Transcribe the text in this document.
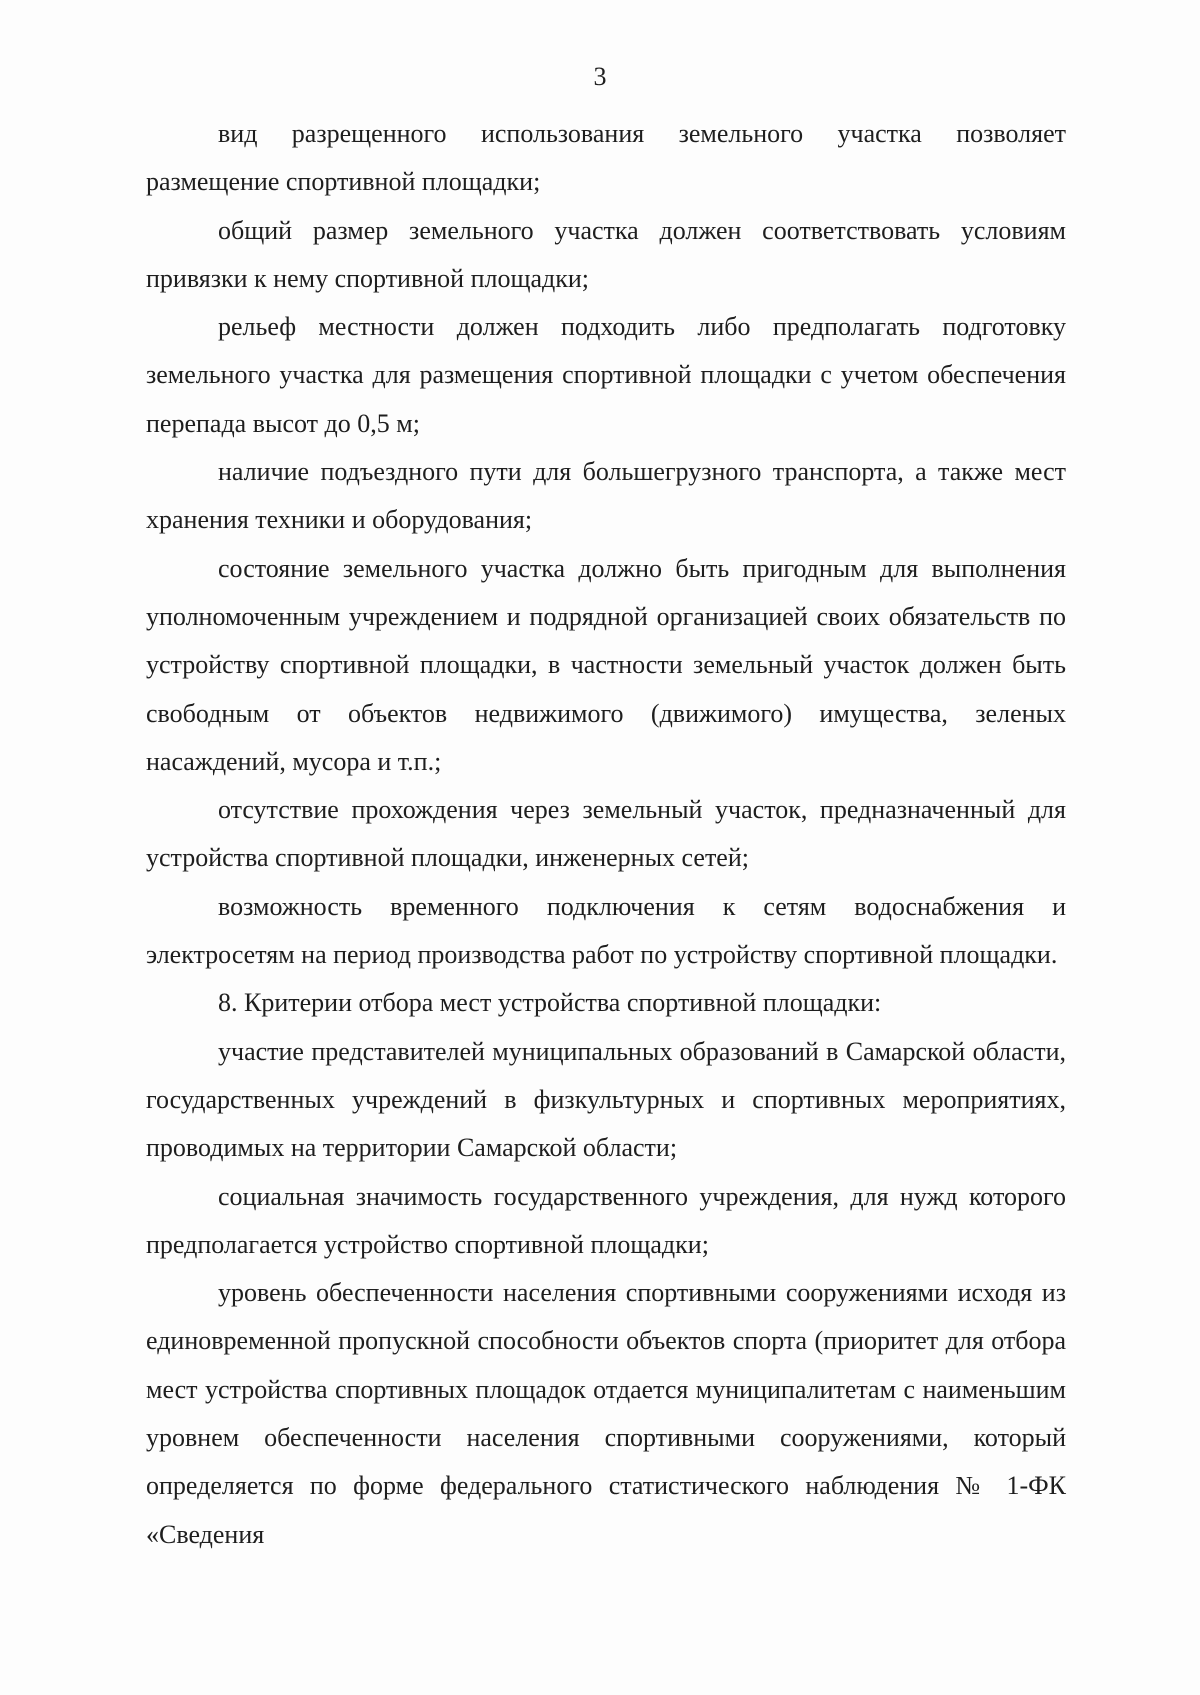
3

вид разрещенного использования земельного участка позволяет размещение спортивной площадки;

общий размер земельного участка должен соответствовать условиям привязки к нему спортивной площадки;

рельеф местности должен подходить либо предполагать подготовку земельного участка для размещения спортивной площадки с учетом обеспечения перепада высот до 0,5 м;

наличие подъездного пути для большегрузного транспорта, а также мест хранения техники и оборудования;

состояние земельного участка должно быть пригодным для выполнения уполномоченным учреждением и подрядной организацией своих обязательств по устройству спортивной площадки, в частности земельный участок должен быть свободным от объектов недвижимого (движимого) имущества, зеленых насаждений, мусора и т.п.;

отсутствие прохождения через земельный участок, предназначенный для устройства спортивной площадки, инженерных сетей;

возможность временного подключения к сетям водоснабжения и электросетям на период производства работ по устройству спортивной площадки.

8. Критерии отбора мест устройства спортивной площадки:

участие представителей муниципальных образований в Самарской области, государственных учреждений в физкультурных и спортивных мероприятиях, проводимых на территории Самарской области;

социальная значимость государственного учреждения, для нужд которого предполагается устройство спортивной площадки;

уровень обеспеченности населения спортивными сооружениями исходя из единовременной пропускной способности объектов спорта (приоритет для отбора мест устройства спортивных площадок отдается муниципалитетам с наименьшим уровнем обеспеченности населения спортивными сооружениями, который определяется по форме федерального статистического наблюдения № 1-ФК «Сведения
